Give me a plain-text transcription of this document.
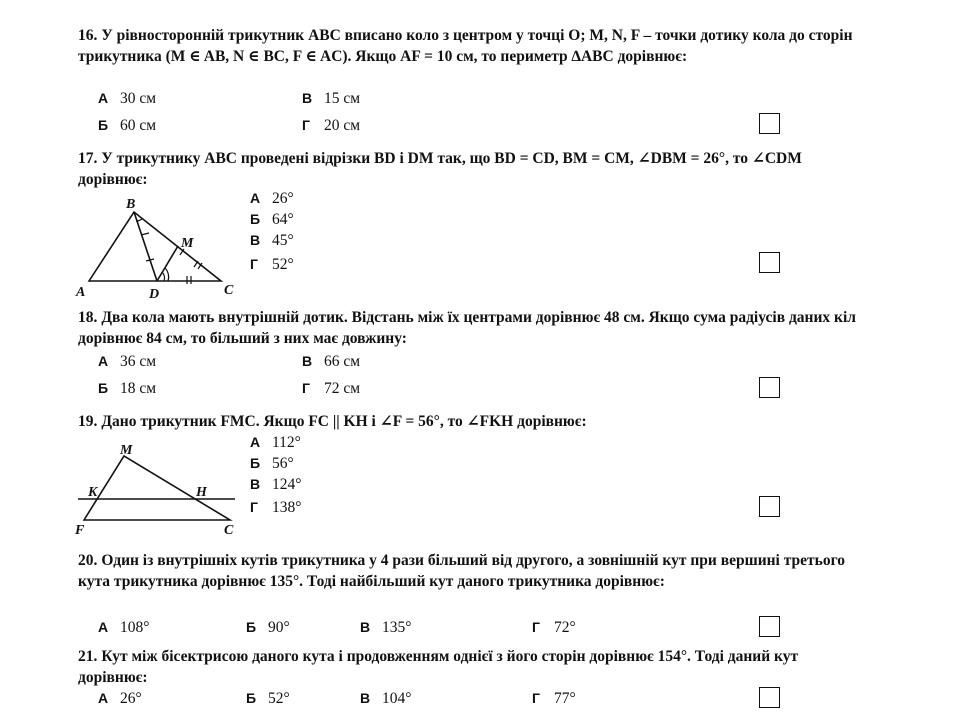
16. У рівносторонній трикутник ABC вписано коло з центром у точці O; M, N, F – точки дотику кола до сторін трикутника (M ∈ AB, N ∈ BC, F ∈ AC). Якщо AF = 10 см, то периметр ∆ABC дорівнює:
А 30 см	В 15 см
Б 60 см	Г 20 см
17. У трикутнику ABC проведені відрізки BD і DM так, що BD = CD, BM = CM, ∠DBM = 26°, то ∠CDM дорівнює:
B
M
A	D	C
А 26°
Б 64°
В 45°
Г 52°
18. Два кола мають внутрішній дотик. Відстань між їх центрами дорівнює 48 см. Якщо сума радіусів даних кіл дорівнює 84 см, то більший з них має довжину:
А 36 см	В 66 см
Б 18 см	Г 72 см
19. Дано трикутник FMC. Якщо FC || KH і ∠F = 56°, то ∠FKH дорівнює:
M
K	H
F	C
А 112°
Б 56°
В 124°
Г 138°
20. Один із внутрішніх кутів трикутника у 4 рази більший від другого, а зовнішній кут при вершині третього кута трикутника дорівнює 135°. Тоді найбільший кут даного трикутника дорівнює:
А 108°	Б 90°	В 135°	Г 72°
21. Кут між бісектрисою даного кута і продовженням однієї з його сторін дорівнює 154°. Тоді даний кут дорівнює:
А 26°	Б 52°	В 104°	Г 77°
